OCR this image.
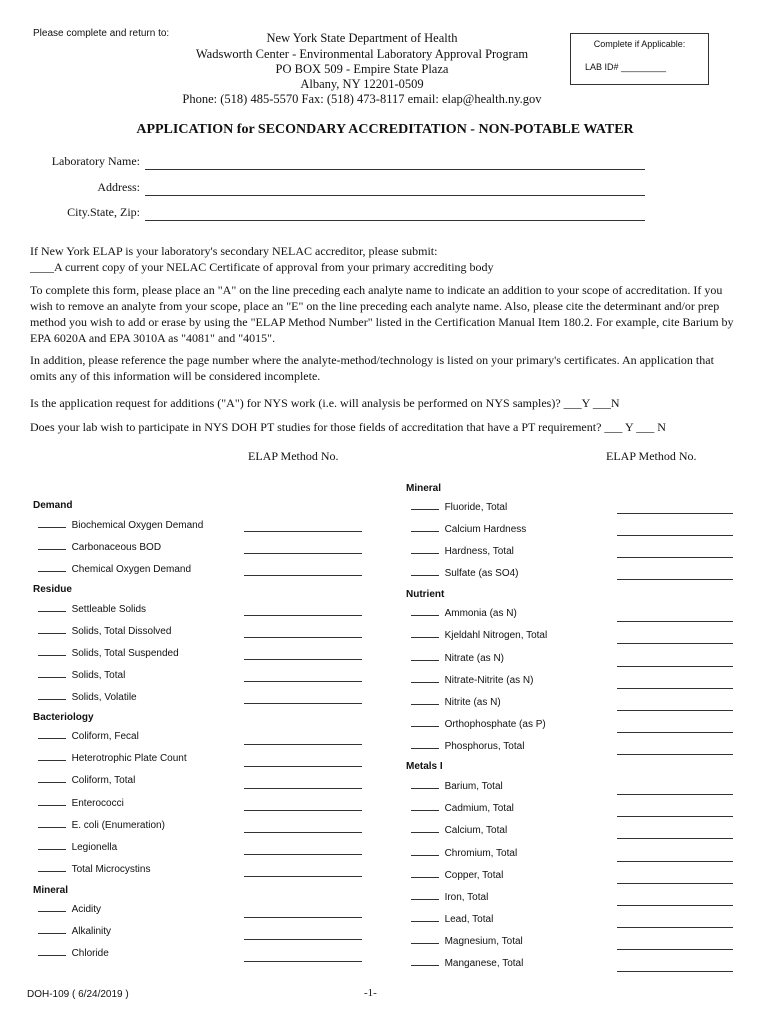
Please complete and return to:	New York State Department of Health
Wadsworth Center - Environmental Laboratory Approval Program
PO BOX 509 - Empire State Plaza
Albany, NY 12201-0509
Phone: (518) 485-5570 Fax: (518) 473-8117 email: elap@health.ny.gov
Complete if Applicable:
LAB ID# _________
APPLICATION for SECONDARY ACCREDITATION - NON-POTABLE WATER
Laboratory Name:
Address:
City.State, Zip:
If New York ELAP is your laboratory's secondary NELAC accreditor, please submit:
____A current copy of your NELAC Certificate of approval from your primary accrediting body
To complete this form, please place an "A" on the line preceding each analyte name to indicate an addition to your scope of accreditation. If you wish to remove an analyte from your scope, place an "E" on the line preceding each analyte name. Also, please cite the determinant and/or prep method you wish to add or erase by using the "ELAP Method Number" listed in the Certification Manual Item 180.2. For example, cite Barium by EPA 6020A and EPA 3010A as "4081" and "4015".
In addition, please reference the page number where the analyte-method/technology is listed on your primary's certificates. An application that omits any of this information will be considered incomplete.
Is the application request for additions ("A") for NYS work (i.e. will analysis be performed on NYS samples)? ___Y ___N
Does your lab wish to participate in NYS DOH PT studies for those fields of accreditation that have a PT requirement? ___ Y ___ N
ELAP Method No.	ELAP Method No.
Demand
Biochemical Oxygen Demand
Carbonaceous BOD
Chemical Oxygen Demand
Residue
Settleable Solids
Solids, Total Dissolved
Solids, Total Suspended
Solids, Total
Solids, Volatile
Bacteriology
Coliform, Fecal
Heterotrophic Plate Count
Coliform, Total
Enterococci
E. coli (Enumeration)
Legionella
Total Microcystins
Mineral
Acidity
Alkalinity
Chloride
Mineral
Fluoride, Total
Calcium Hardness
Hardness, Total
Sulfate (as SO4)
Nutrient
Ammonia (as N)
Kjeldahl Nitrogen, Total
Nitrate (as N)
Nitrate-Nitrite (as N)
Nitrite (as N)
Orthophosphate (as P)
Phosphorus, Total
Metals I
Barium, Total
Cadmium, Total
Calcium, Total
Chromium, Total
Copper, Total
Iron, Total
Lead, Total
Magnesium, Total
Manganese, Total
DOH-109 ( 6/24/2019 )	-1-
